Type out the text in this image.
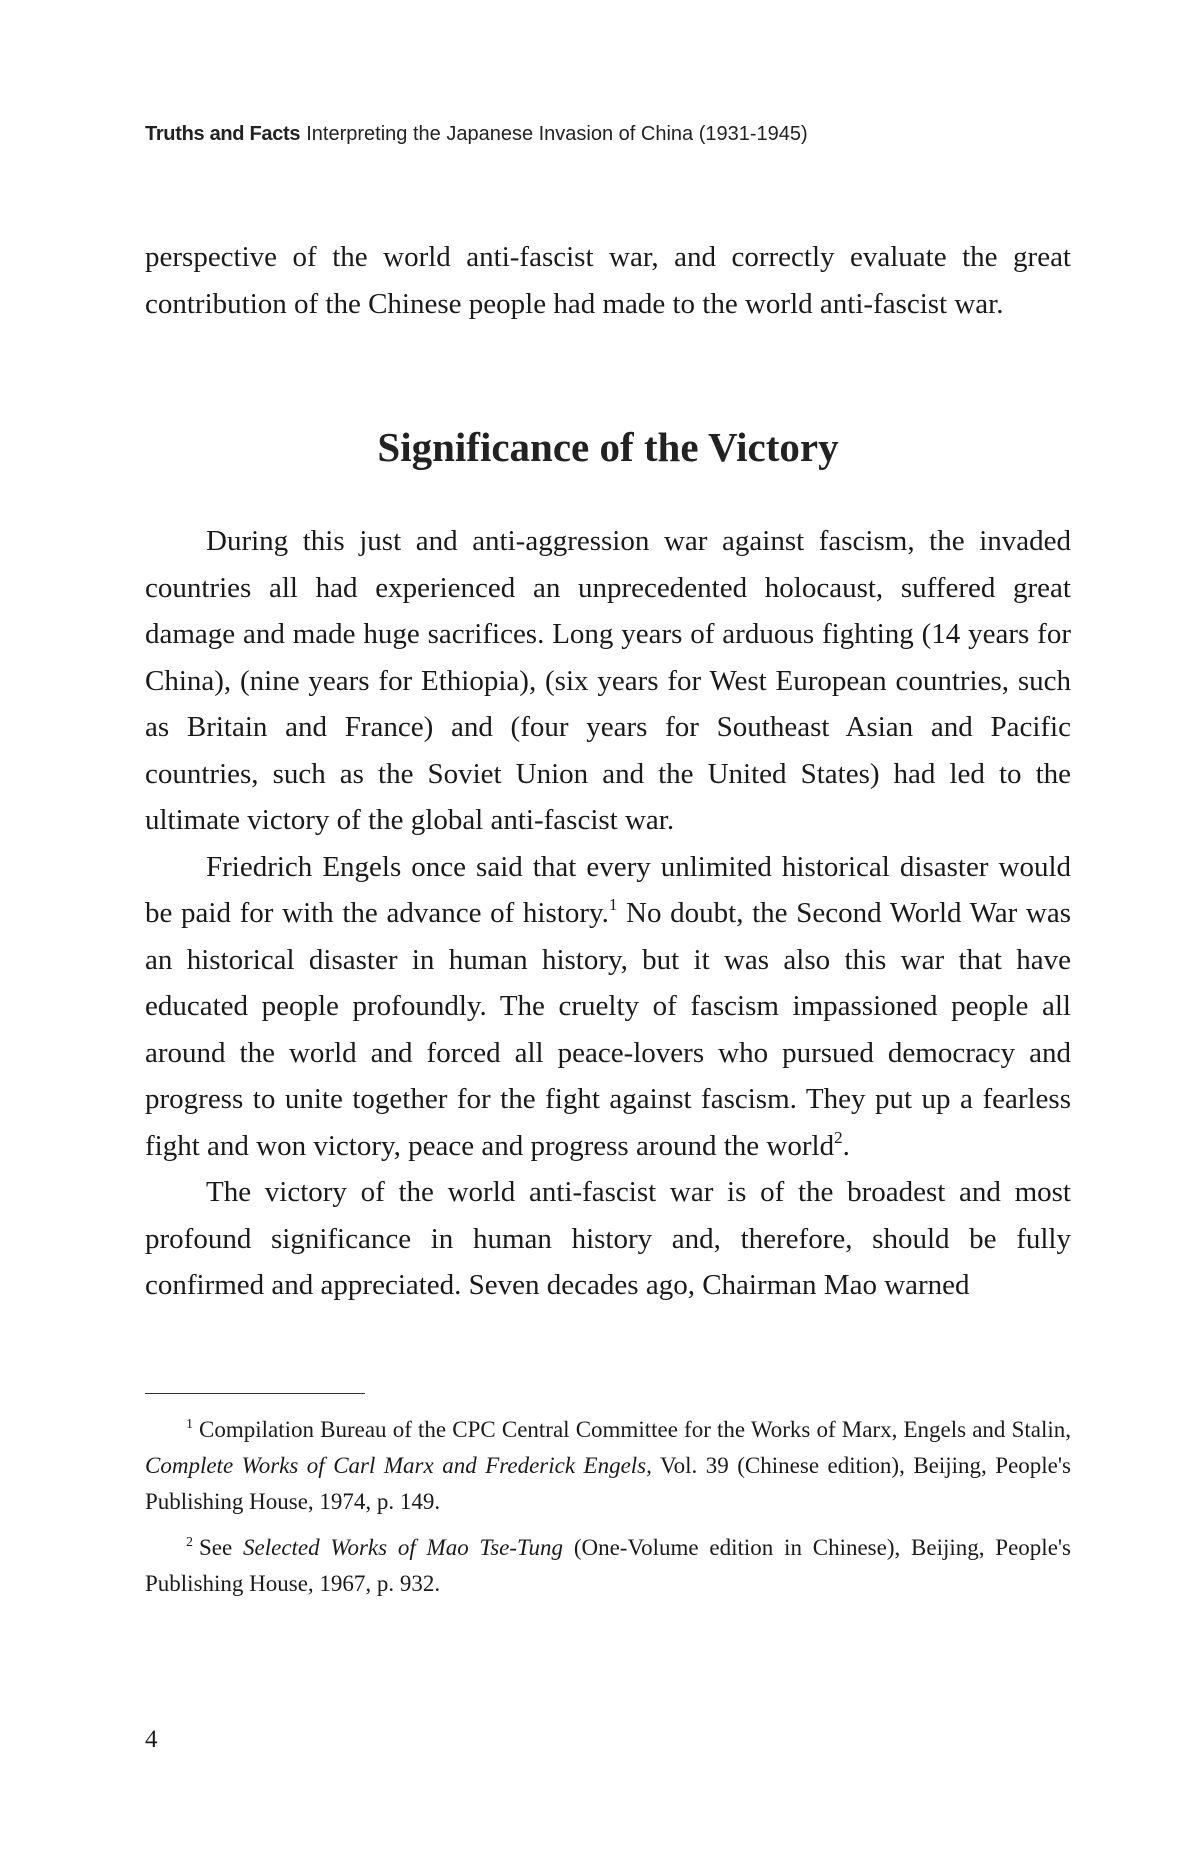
Truths and Facts Interpreting the Japanese Invasion of China (1931-1945)

perspective of the world anti-fascist war, and correctly evaluate the great contribution of the Chinese people had made to the world anti-fascist war.

Significance of the Victory

During this just and anti-aggression war against fascism, the invaded countries all had experienced an unprecedented holocaust, suffered great damage and made huge sacrifices. Long years of arduous fighting (14 years for China), (nine years for Ethiopia), (six years for West European countries, such as Britain and France) and (four years for Southeast Asian and Pacific countries, such as the Soviet Union and the United States) had led to the ultimate victory of the global anti-fascist war.

Friedrich Engels once said that every unlimited historical disaster would be paid for with the advance of history.$^1$ No doubt, the Second World War was an historical disaster in human history, but it was also this war that have educated people profoundly. The cruelty of fascism impassioned people all around the world and forced all peace-lovers who pursued democracy and progress to unite together for the fight against fascism. They put up a fearless fight and won victory, peace and progress around the world$^2$.

The victory of the world anti-fascist war is of the broadest and most profound significance in human history and, therefore, should be fully confirmed and appreciated. Seven decades ago, Chairman Mao warned

$^1$ Compilation Bureau of the CPC Central Committee for the Works of Marx, Engels and Stalin, Complete Works of Carl Marx and Frederick Engels, Vol. 39 (Chinese edition), Beijing, People's Publishing House, 1974, p. 149.

$^2$ See Selected Works of Mao Tse-Tung (One-Volume edition in Chinese), Beijing, People's Publishing House, 1967, p. 932.

4
